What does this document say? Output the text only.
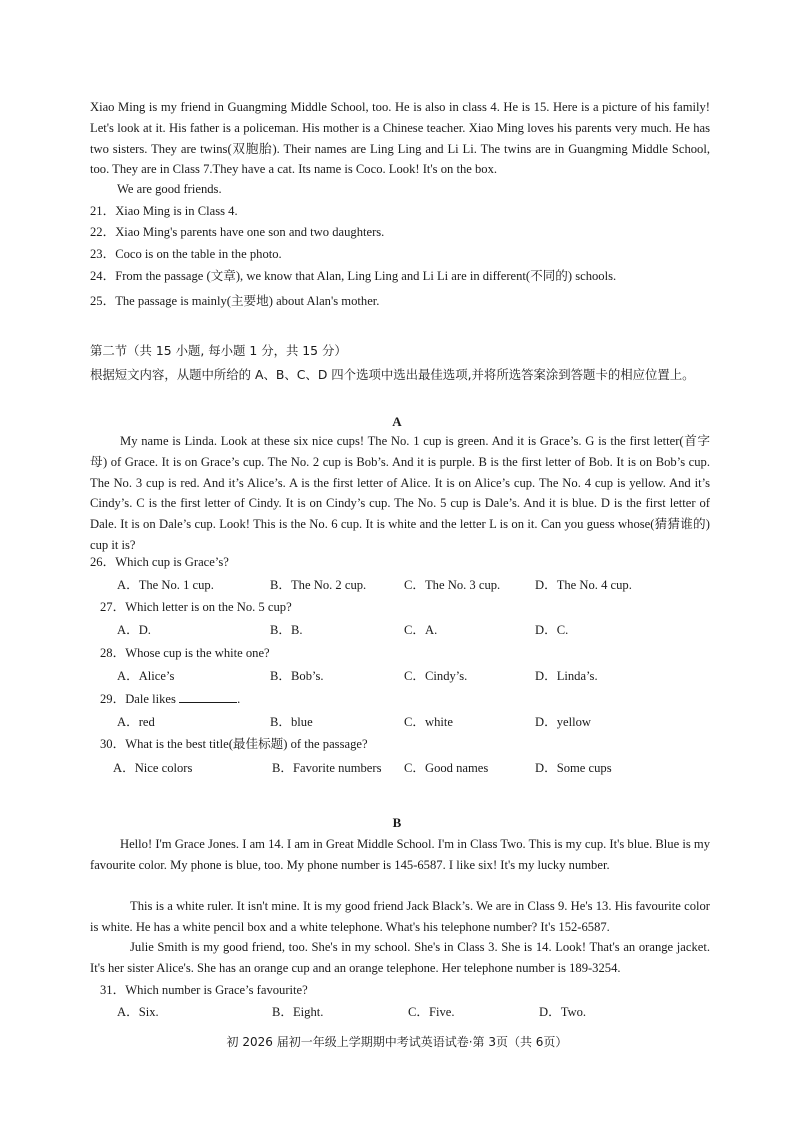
Xiao Ming is my friend in Guangming Middle School, too. He is also in class 4. He is 15. Here is a picture of his family! Let's look at it. His father is a policeman. His mother is a Chinese teacher. Xiao Ming loves his parents very much. He has two sisters. They are twins(双胞胎). Their names are Ling Ling and Li Li. The twins are in Guangming Middle School, too. They are in Class 7.They have a cat. Its name is Coco. Look! It's on the box.

We are good friends.
21．Xiao Ming is in Class 4.
22．Xiao Ming's parents have one son and two daughters.
23．Coco is on the table in the photo.
24．From the passage (文章), we know that Alan, Ling Ling and Li Li are in different(不同的) schools.
25．The passage is mainly(主要地) about Alan's mother.
第二节（共 15 小题, 每小题 1 分，共 15 分）

根据短文内容，从题中所给的 A、B、C、D 四个选项中选出最佳选项,并将所选答案涂到答题卡的相应位置上。

A

My name is Linda. Look at these six nice cups! The No. 1 cup is green. And it is Grace’s. G is the first letter(首字母) of Grace. It is on Grace’s cup. The No. 2 cup is Bob’s. And it is purple. B is the first letter of Bob. It is on Bob’s cup. The No. 3 cup is red. And it’s Alice’s. A is the first letter of Alice. It is on Alice’s cup. The No. 4 cup is yellow. And it’s Cindy’s. C is the first letter of Cindy. It is on Cindy’s cup. The No. 5 cup is Dale’s. And it is blue. D is the first letter of Dale. It is on Dale’s cup. Look! This is the No. 6 cup. It is white and the letter L is on it. Can you guess whose(猜猜谁的) cup it is?

26．Which cup is Grace’s?
A．The No. 1 cup.	B．The No. 2 cup.	C．The No. 3 cup.	D．The No. 4 cup.
27．Which letter is on the No. 5 cup?
A．D.	B．B.	C．A.	D．C.
28．Whose cup is the white one?
A．Alice’s	B．Bob’s.	C．Cindy’s.	D．Linda’s.
29．Dale likes	.
A．red	B．blue	C．white	D．yellow
30．What is the best title(最佳标题) of the passage?
A．Nice colors	B．Favorite numbers C．Good names	D．Some cups
B

Hello! I'm Grace Jones. I am 14. I am in Great Middle School. I'm in Class Two. This is my cup. It's blue. Blue is my favourite color. My phone is blue, too. My phone number is 145-6587. I like six! It's my lucky number.

This is a white ruler. It isn't mine. It is my good friend Jack Black’s. We are in Class 9. He's 13. His favourite color is white. He has a white pencil box and a white telephone. What's his telephone number? It's 152-6587.

Julie Smith is my good friend, too. She's in my school. She's in Class 3. She is 14. Look! That's an orange jacket. It's her sister Alice's. She has an orange cup and an orange telephone. Her telephone number is 189-3254.

31．Which number is Grace’s favourite?
A．Six.	B．Eight.	C．Five.	D．Two.
初 2026 届初一年级上学期期中考试英语试卷·第 3页（共 6页）
